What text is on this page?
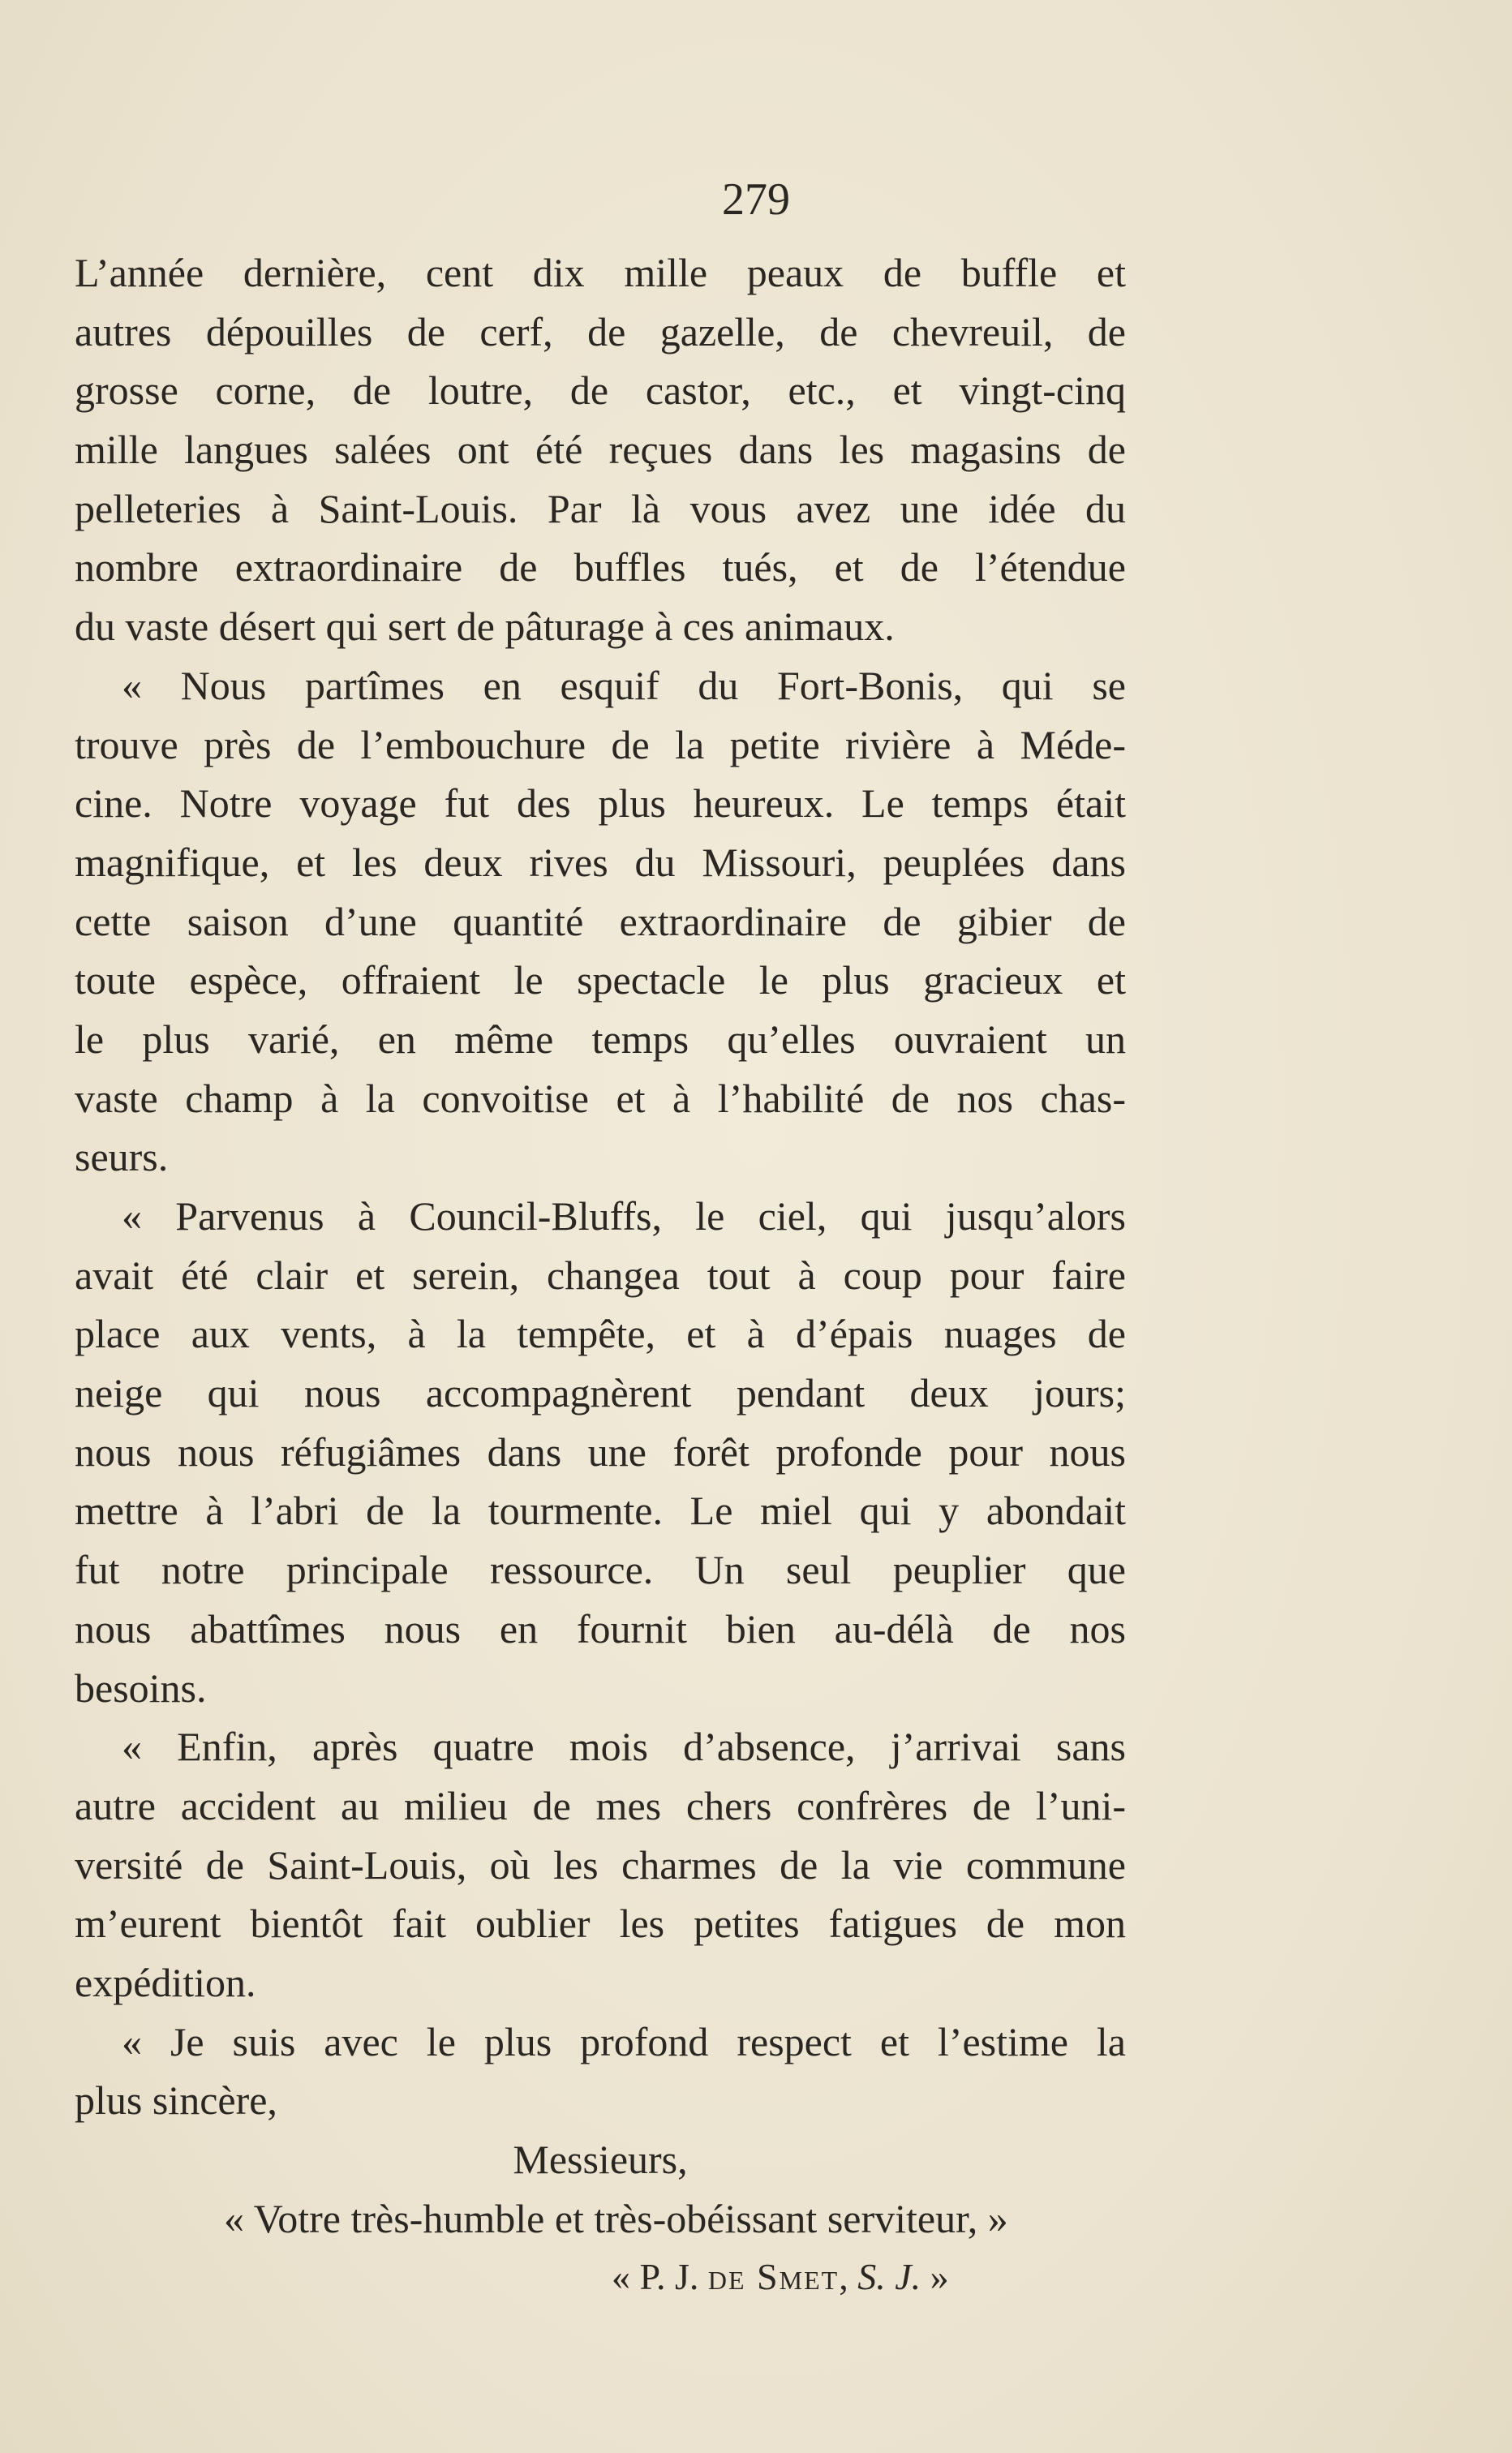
279
L’année dernière, cent dix mille peaux de buffle et
autres dépouilles de cerf, de gazelle, de chevreuil, de
grosse corne, de loutre, de castor, etc., et vingt-cinq
mille langues salées ont été reçues dans les magasins de
pelleteries à Saint-Louis. Par là vous avez une idée du
nombre extraordinaire de buffles tués, et de l’étendue
du vaste désert qui sert de pâturage à ces animaux.
« Nous partîmes en esquif du Fort-Bonis, qui se
trouve près de l’embouchure de la petite rivière à Méde-
cine. Notre voyage fut des plus heureux. Le temps était
magnifique, et les deux rives du Missouri, peuplées dans
cette saison d’une quantité extraordinaire de gibier de
toute espèce, offraient le spectacle le plus gracieux et
le plus varié, en même temps qu’elles ouvraient un
vaste champ à la convoitise et à l’habilité de nos chas-
seurs.
« Parvenus à Council-Bluffs, le ciel, qui jusqu’alors
avait été clair et serein, changea tout à coup pour faire
place aux vents, à la tempête, et à d’épais nuages de
neige qui nous accompagnèrent pendant deux jours;
nous nous réfugiâmes dans une forêt profonde pour nous
mettre à l’abri de la tourmente. Le miel qui y abondait
fut notre principale ressource. Un seul peuplier que
nous abattîmes nous en fournit bien au-délà de nos
besoins.
« Enfin, après quatre mois d’absence, j’arrivai sans
autre accident au milieu de mes chers confrères de l’uni-
versité de Saint-Louis, où les charmes de la vie commune
m’eurent bientôt fait oublier les petites fatigues de mon
expédition.
« Je suis avec le plus profond respect et l’estime la
plus sincère,
Messieurs,
« Votre très-humble et très-obéissant serviteur, »
« P. J. de Smet, S. J. »
